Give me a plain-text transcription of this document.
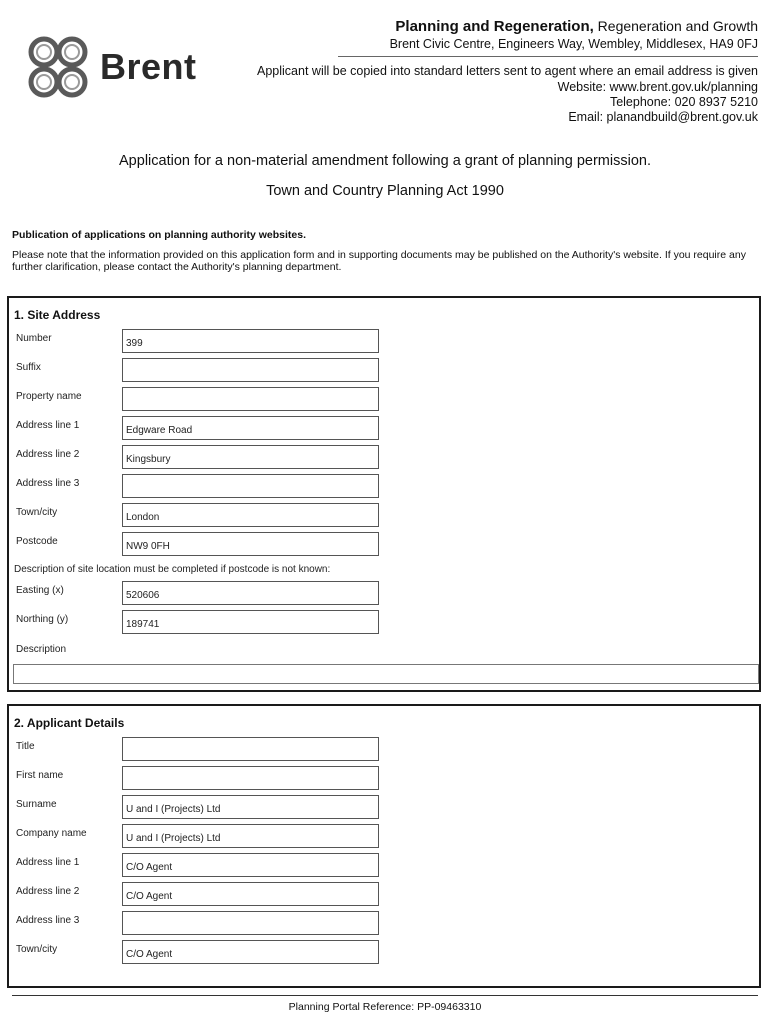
Brent
Planning and Regeneration, Regeneration and Growth
Brent Civic Centre, Engineers Way, Wembley, Middlesex, HA9 0FJ
Applicant will be copied into standard letters sent to agent where an email address is given
Website: www.brent.gov.uk/planning
Telephone: 020 8937 5210
Email: planandbuild@brent.gov.uk
Application for a non-material amendment following a grant of planning permission.
Town and Country Planning Act 1990
Publication of applications on planning authority websites.
Please note that the information provided on this application form and in supporting documents may be published on the Authority's website. If you require any further clarification, please contact the Authority's planning department.
1. Site Address
Number
399
Suffix
Property name
Address line 1
Edgware Road
Address line 2
Kingsbury
Address line 3
Town/city
London
Postcode
NW9 0FH
Description of site location must be completed if postcode is not known:
Easting (x)
520606
Northing (y)
189741
Description
2. Applicant Details
Title
First name
Surname
U and I (Projects) Ltd
Company name
U and I (Projects) Ltd
Address line 1
C/O Agent
Address line 2
C/O Agent
Address line 3
Town/city
C/O Agent
Planning Portal Reference: PP-09463310
